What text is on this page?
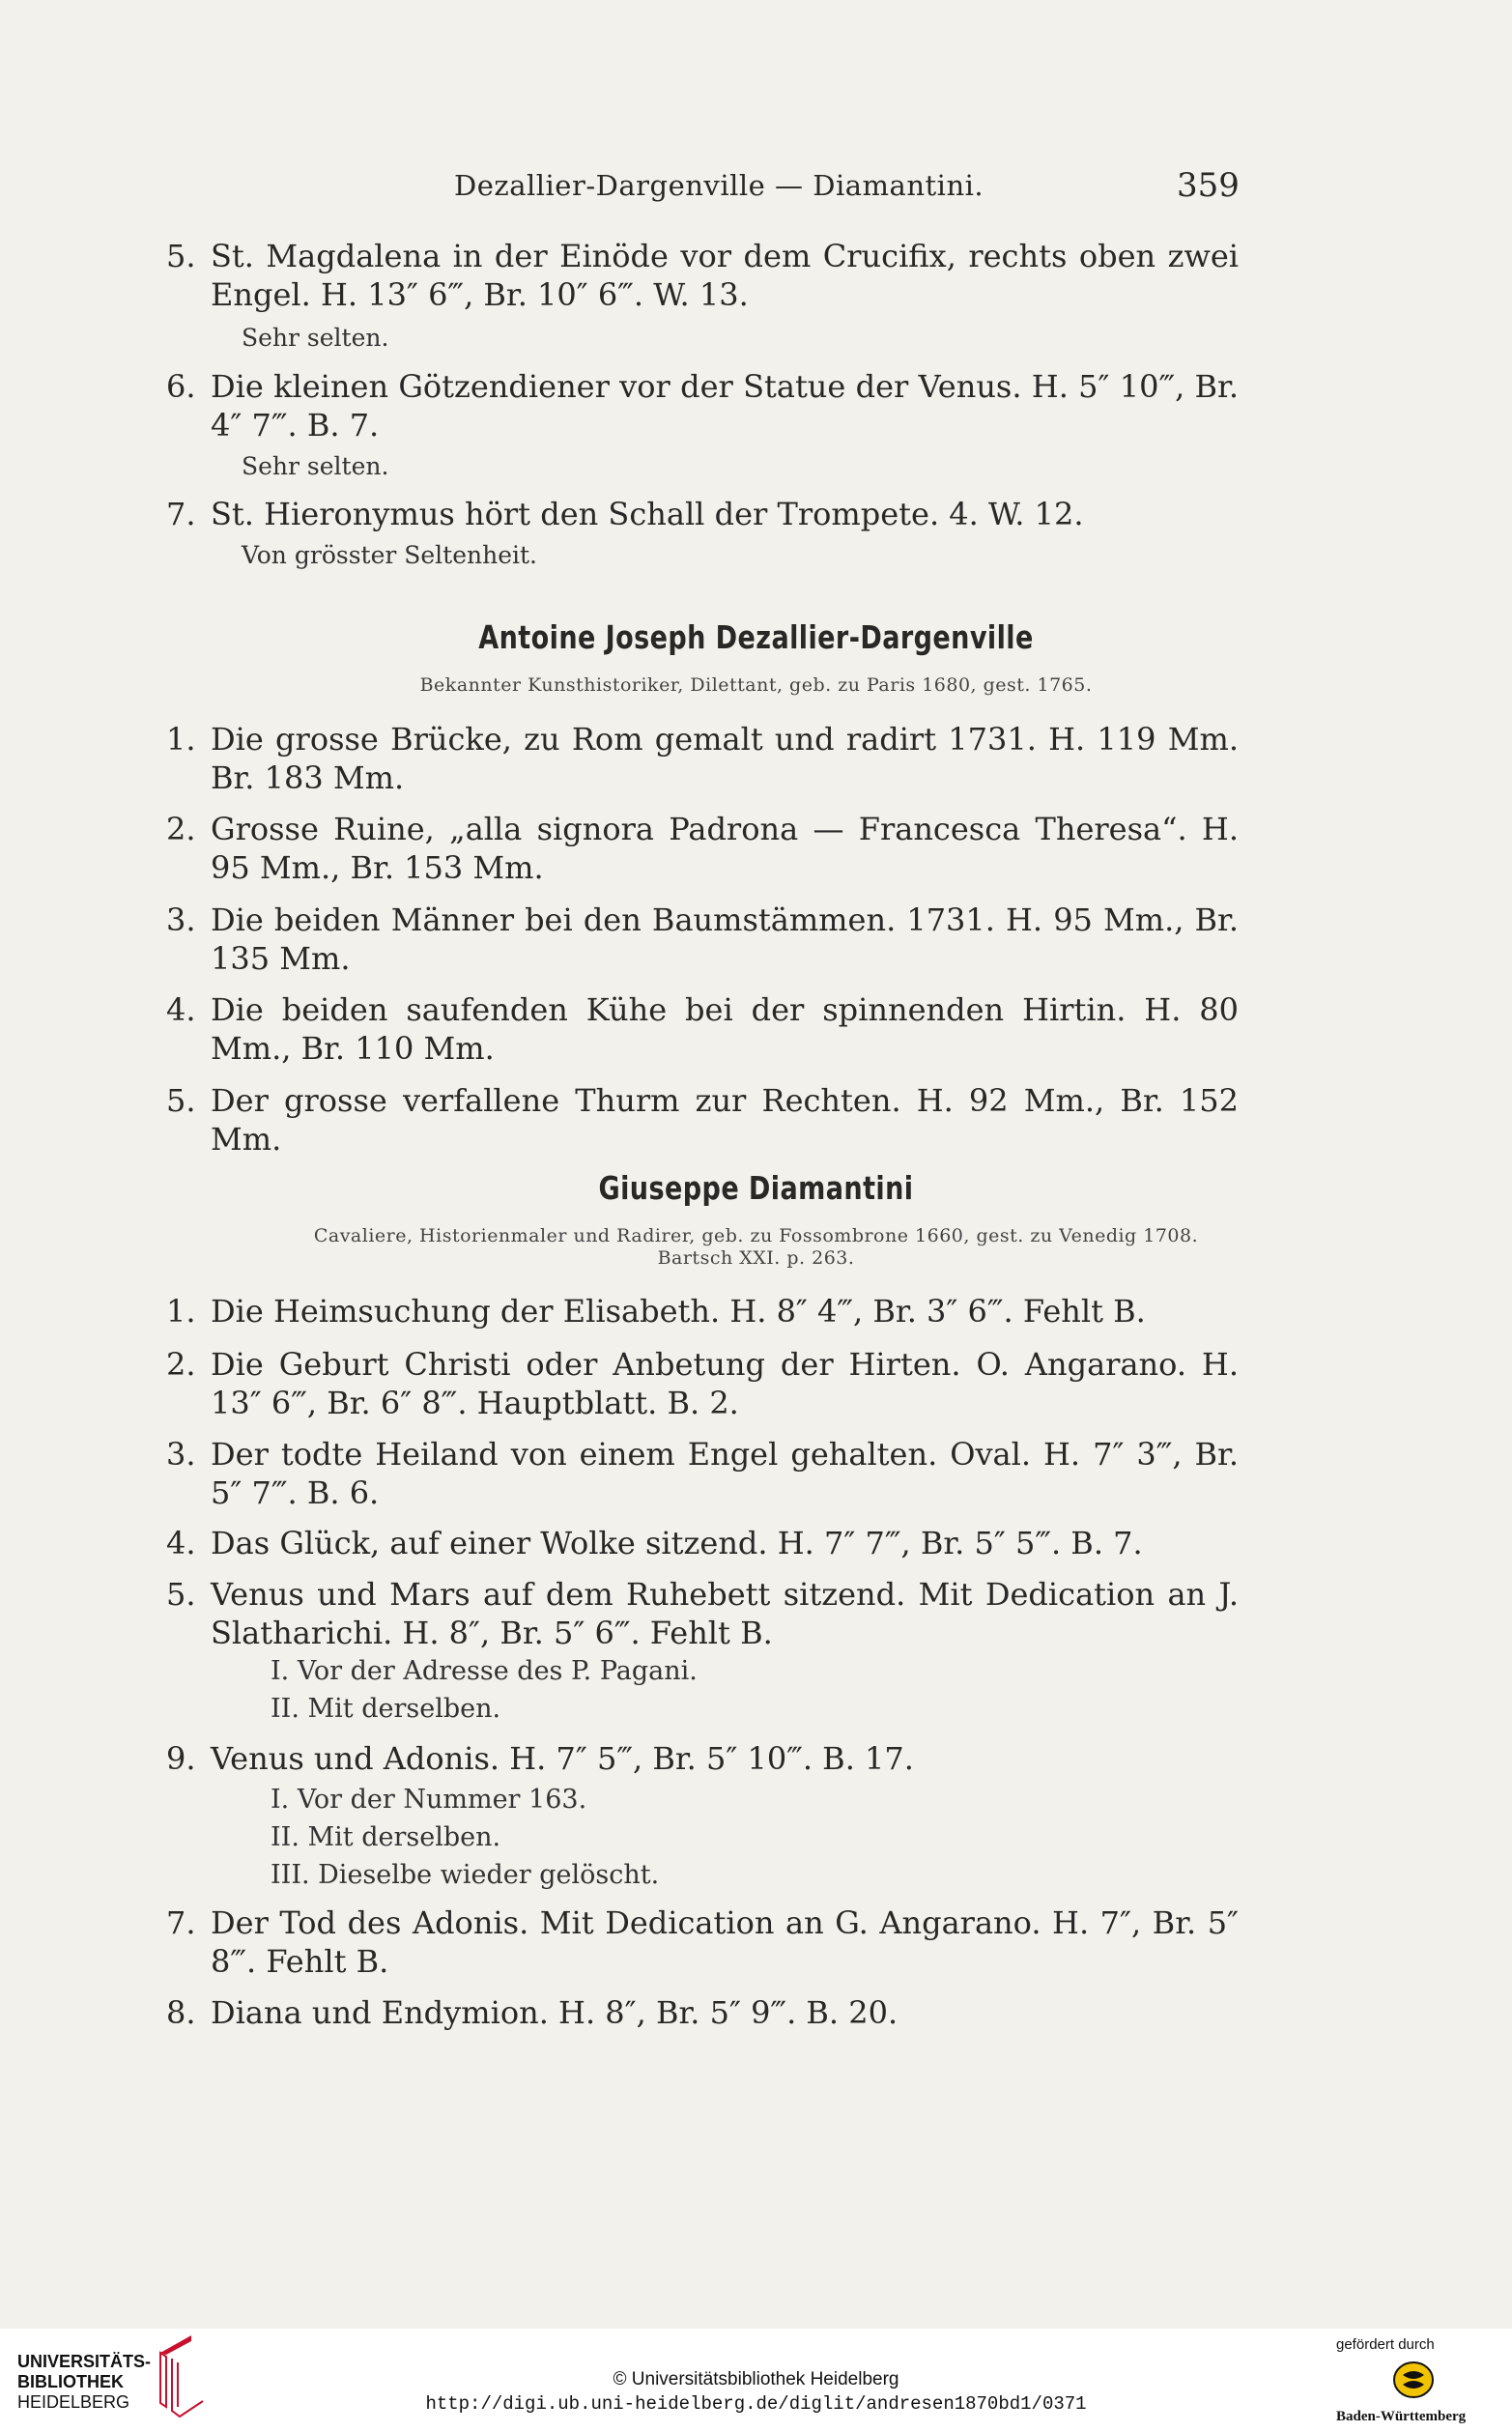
Dezallier-Dargenville — Diamantini.	359
5. St. Magdalena in der Einöde vor dem Crucifix, rechts oben zwei Engel. H. 13″ 6‴, Br. 10″ 6‴. W. 13.
Sehr selten.
6. Die kleinen Götzendiener vor der Statue der Venus. H. 5″ 10‴, Br. 4″ 7‴. B. 7.
Sehr selten.
7. St. Hieronymus hört den Schall der Trompete. 4. W. 12.
Von grösster Seltenheit.
Antoine Joseph Dezallier-Dargenville
Bekannter Kunsthistoriker, Dilettant, geb. zu Paris 1680, gest. 1765.
1. Die grosse Brücke, zu Rom gemalt und radirt 1731. H. 119 Mm. Br. 183 Mm.
2. Grosse Ruine, „alla signora Padrona — Francesca Theresa“. H. 95 Mm., Br. 153 Mm.
3. Die beiden Männer bei den Baumstämmen. 1731. H. 95 Mm., Br. 135 Mm.
4. Die beiden saufenden Kühe bei der spinnenden Hirtin. H. 80 Mm., Br. 110 Mm.
5. Der grosse verfallene Thurm zur Rechten. H. 92 Mm., Br. 152 Mm.
Giuseppe Diamantini
Cavaliere, Historienmaler und Radirer, geb. zu Fossombrone 1660, gest. zu Venedig 1708.
Bartsch XXI. p. 263.
1. Die Heimsuchung der Elisabeth. H. 8″ 4‴, Br. 3″ 6‴. Fehlt B.
2. Die Geburt Christi oder Anbetung der Hirten. O. Angarano. H. 13″ 6‴, Br. 6″ 8‴. Hauptblatt. B. 2.
3. Der todte Heiland von einem Engel gehalten. Oval. H. 7″ 3‴, Br. 5″ 7‴. B. 6.
4. Das Glück, auf einer Wolke sitzend. H. 7″ 7‴, Br. 5″ 5‴. B. 7.
5. Venus und Mars auf dem Ruhebett sitzend. Mit Dedication an J. Slatharichi. H. 8″, Br. 5″ 6‴. Fehlt B.
I. Vor der Adresse des P. Pagani.
II. Mit derselben.
9. Venus und Adonis. H. 7″ 5‴, Br. 5″ 10‴. B. 17.
I. Vor der Nummer 163.
II. Mit derselben.
III. Dieselbe wieder gelöscht.
7. Der Tod des Adonis. Mit Dedication an G. Angarano. H. 7″, Br. 5″ 8‴. Fehlt B.
8. Diana und Endymion. H. 8″, Br. 5″ 9‴. B. 20.
UNIVERSITÄTS-
BIBLIOTHEK
HEIDELBERG
© Universitätsbibliothek Heidelberg
http://digi.ub.uni-heidelberg.de/diglit/andresen1870bd1/0371
gefördert durch
Baden-Württemberg
